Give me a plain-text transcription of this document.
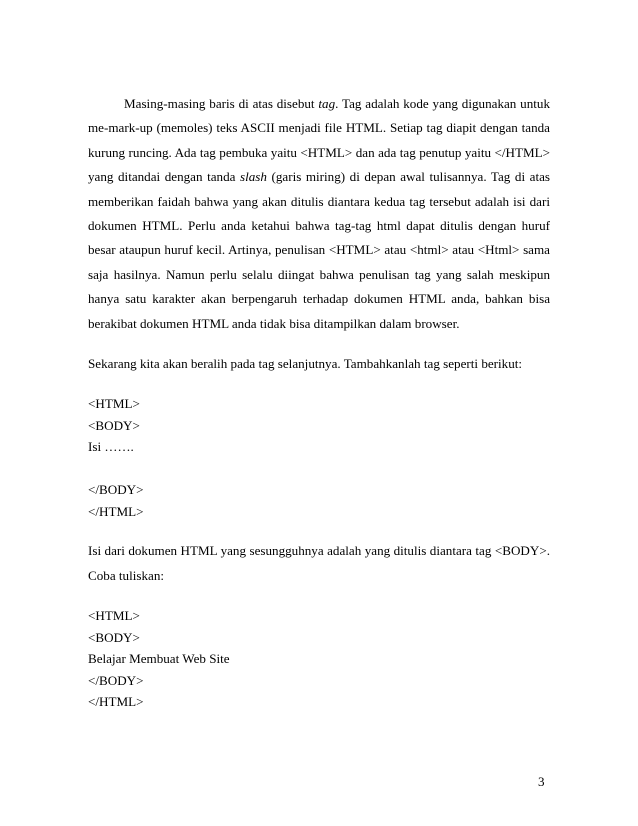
Masing-masing baris di atas disebut tag. Tag adalah kode yang digunakan untuk me-mark-up (memoles) teks ASCII menjadi file HTML. Setiap tag diapit dengan tanda kurung runcing. Ada tag pembuka yaitu <HTML> dan ada tag penutup yaitu </HTML> yang ditandai dengan tanda slash (garis miring) di depan awal tulisannya. Tag di atas memberikan faidah bahwa yang akan ditulis diantara kedua tag tersebut adalah isi dari dokumen HTML. Perlu anda ketahui bahwa tag-tag html dapat ditulis dengan huruf besar ataupun huruf kecil. Artinya, penulisan <HTML> atau <html> atau <Html> sama saja hasilnya. Namun perlu selalu diingat bahwa penulisan tag yang salah meskipun hanya satu karakter akan berpengaruh terhadap dokumen HTML anda, bahkan bisa berakibat dokumen HTML anda tidak bisa ditampilkan dalam browser.

Sekarang kita akan beralih pada tag selanjutnya. Tambahkanlah tag seperti berikut:

<HTML>
<BODY>
Isi …….
</BODY>
</HTML>

Isi dari dokumen HTML yang sesungguhnya adalah yang ditulis diantara tag <BODY>. Coba tuliskan:

<HTML>
<BODY>
Belajar Membuat Web Site
</BODY>
</HTML>
3
